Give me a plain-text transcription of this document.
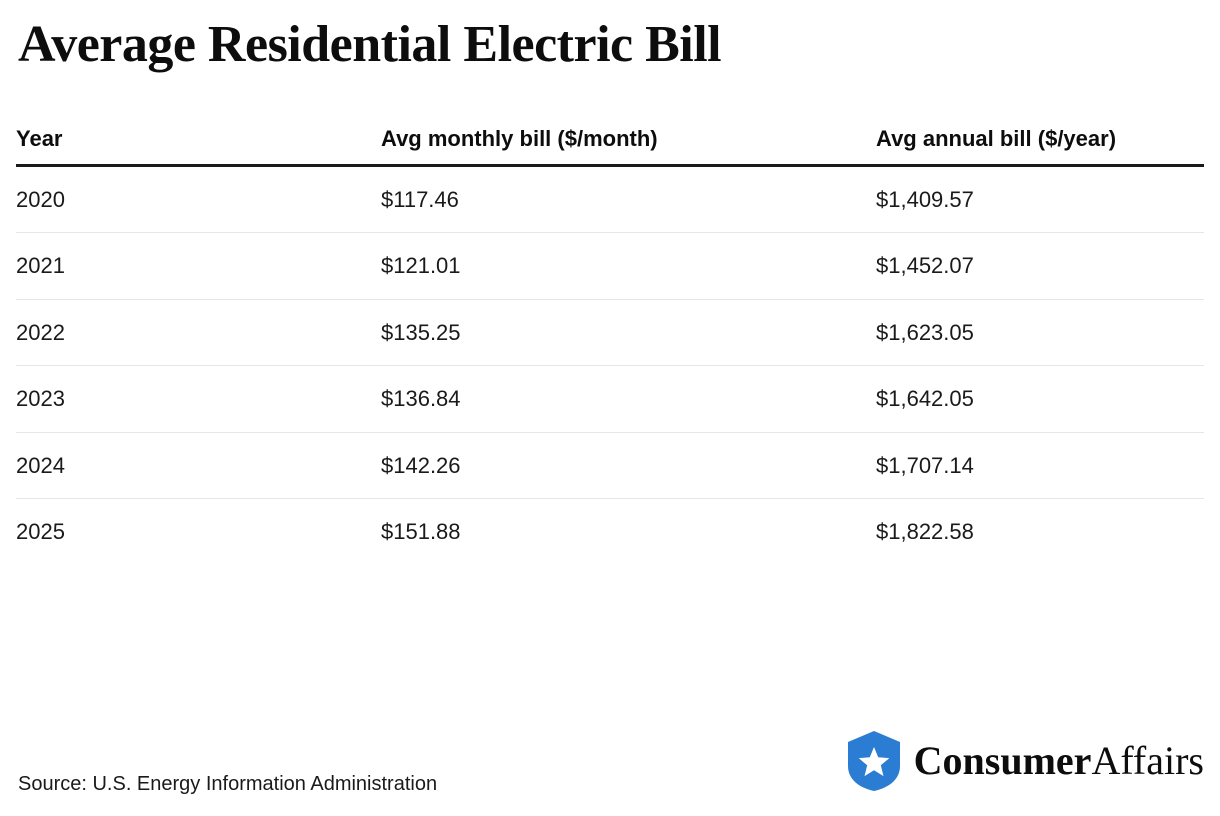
Average Residential Electric Bill
Year	Avg monthly bill ($/month)	Avg annual bill ($/year)

2020	$117.46	$1,409.57
2021	$121.01	$1,452.07
2022	$135.25	$1,623.05
2023	$136.84	$1,642.05
2024	$142.26	$1,707.14
2025	$151.88	$1,822.58
Source: U.S. Energy Information Administration
ConsumerAffairs
